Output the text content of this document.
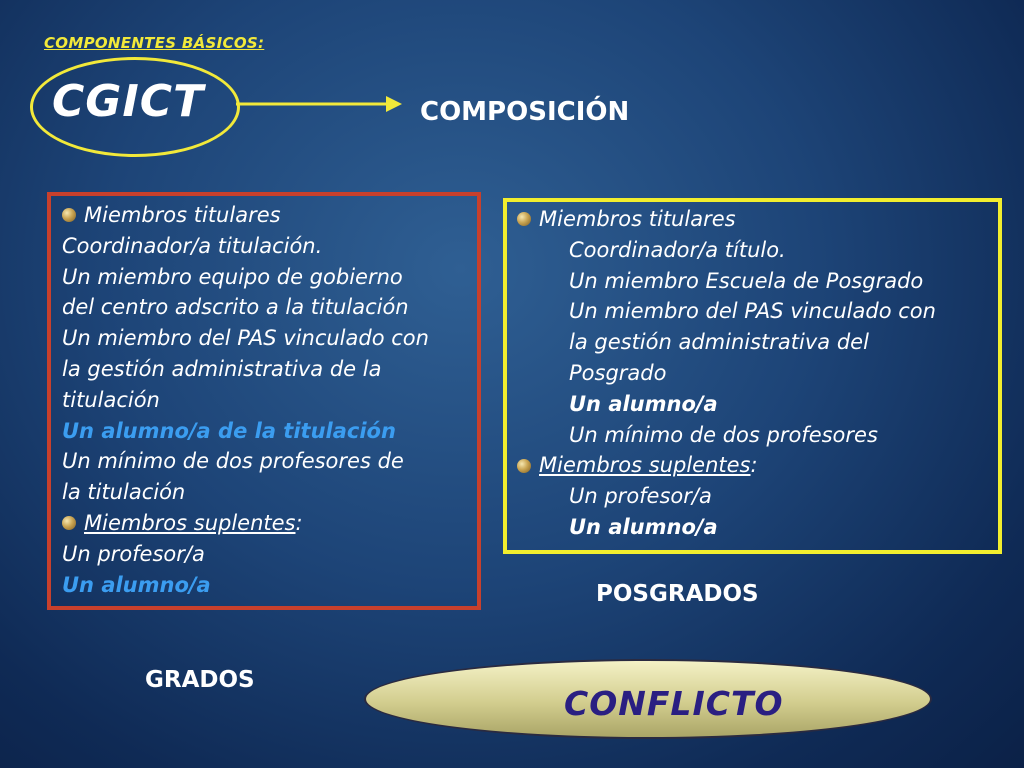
COMPONENTES BÁSICOS:
CGICT	COMPOSICIÓN
Miembros titulares
Coordinador/a titulación.
Un miembro equipo de gobierno
del centro adscrito a la titulación
Un miembro del PAS vinculado con
la gestión administrativa de la
titulación
Un alumno/a de la titulación
Un mínimo de dos profesores de
la titulación
Miembros suplentes :
Un profesor/a
Un alumno/a
Miembros titulares
Coordinador/a título.
Un miembro Escuela de Posgrado
Un miembro del PAS vinculado con
la gestión administrativa del
Posgrado
Un alumno/a
Un mínimo de dos profesores
Miembros suplentes :
Un profesor/a
Un alumno/a
POSGRADOS
GRADOS
CONFLICTO
